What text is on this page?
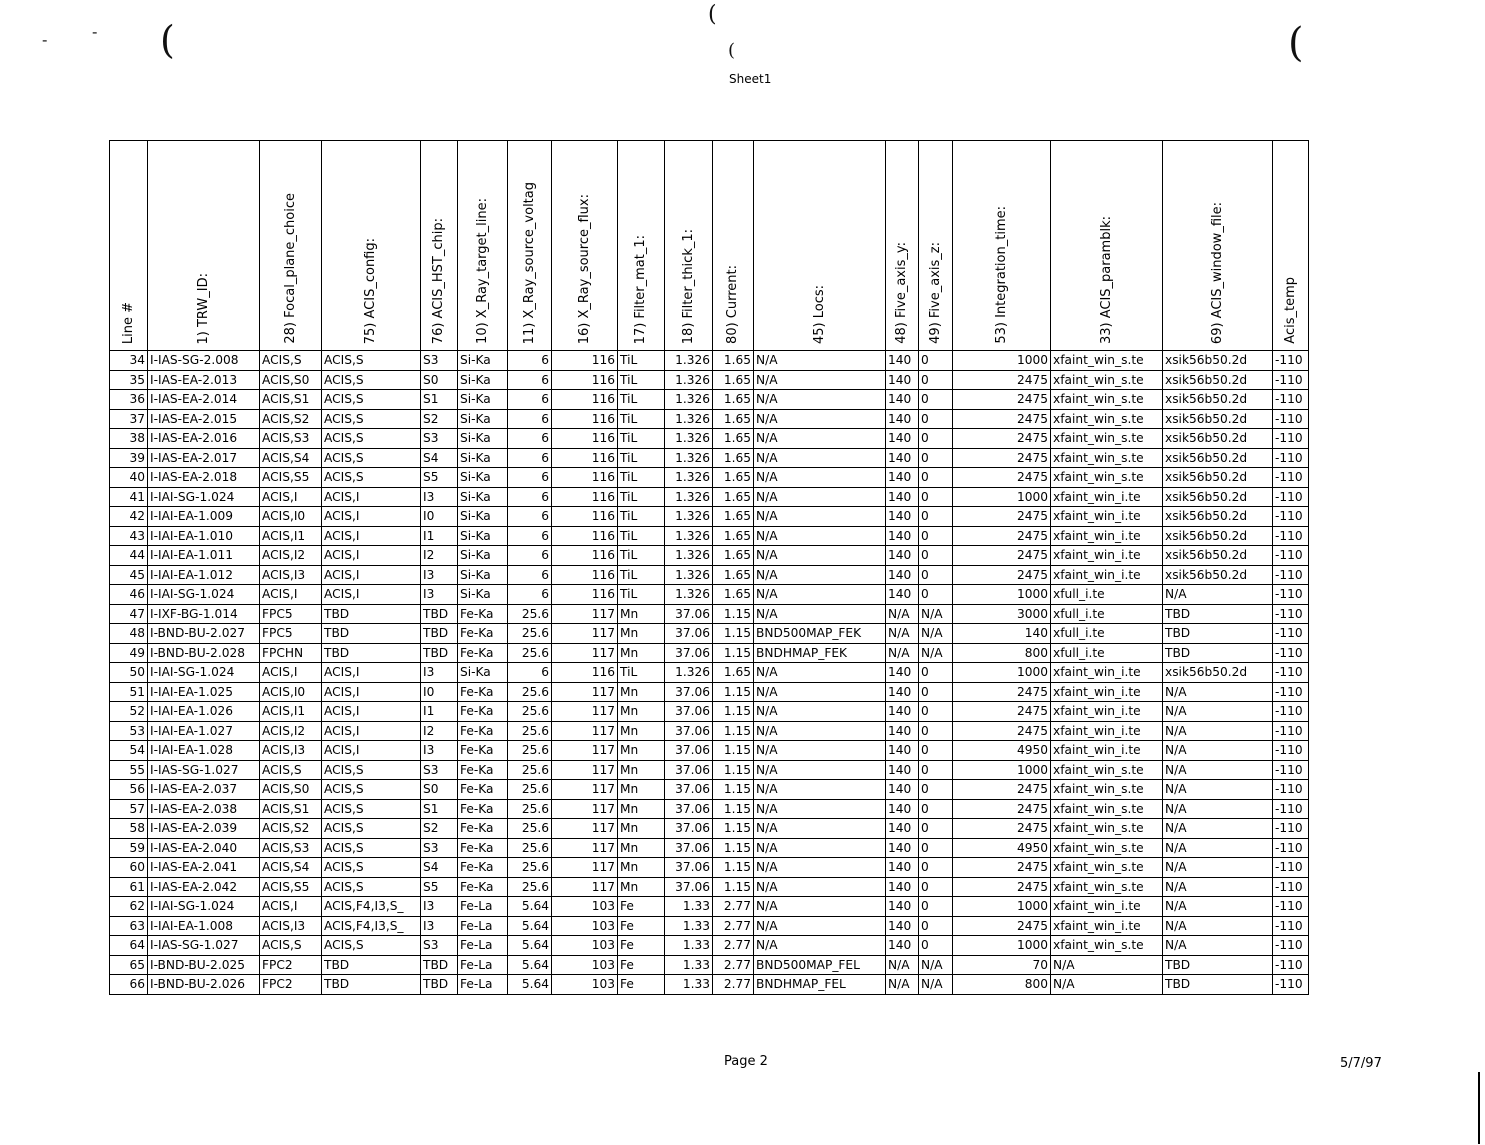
(
(
(	(
-	-
Sheet1
Line #	1) TRW_ID:	28) Focal_plane_choice	75) ACIS_config:	76) ACIS_HST_chip:	10) X_Ray_target_line:	11) X_Ray_source_voltag	16) X_Ray_source_flux:	17) Filter_mat_1:	18) Filter_thick_1:	80) Current:	45) Locs:	48) Five_axis_y:	49) Five_axis_z:	53) Integration_time:	33) ACIS_paramblk:	69) ACIS_window_file:	Acis_temp
34	I-IAS-SG-2.008	ACIS,S	ACIS,S	S3	Si-Ka	6	116	TiL	1.326	1.65	N/A	140	0	1000	xfaint_win_s.te	xsik56b50.2d	-110
35	I-IAS-EA-2.013	ACIS,S0	ACIS,S	S0	Si-Ka	6	116	TiL	1.326	1.65	N/A	140	0	2475	xfaint_win_s.te	xsik56b50.2d	-110
36	I-IAS-EA-2.014	ACIS,S1	ACIS,S	S1	Si-Ka	6	116	TiL	1.326	1.65	N/A	140	0	2475	xfaint_win_s.te	xsik56b50.2d	-110
37	I-IAS-EA-2.015	ACIS,S2	ACIS,S	S2	Si-Ka	6	116	TiL	1.326	1.65	N/A	140	0	2475	xfaint_win_s.te	xsik56b50.2d	-110
38	I-IAS-EA-2.016	ACIS,S3	ACIS,S	S3	Si-Ka	6	116	TiL	1.326	1.65	N/A	140	0	2475	xfaint_win_s.te	xsik56b50.2d	-110
39	I-IAS-EA-2.017	ACIS,S4	ACIS,S	S4	Si-Ka	6	116	TiL	1.326	1.65	N/A	140	0	2475	xfaint_win_s.te	xsik56b50.2d	-110
40	I-IAS-EA-2.018	ACIS,S5	ACIS,S	S5	Si-Ka	6	116	TiL	1.326	1.65	N/A	140	0	2475	xfaint_win_s.te	xsik56b50.2d	-110
41	I-IAI-SG-1.024	ACIS,I	ACIS,I	I3	Si-Ka	6	116	TiL	1.326	1.65	N/A	140	0	1000	xfaint_win_i.te	xsik56b50.2d	-110
42	I-IAI-EA-1.009	ACIS,I0	ACIS,I	I0	Si-Ka	6	116	TiL	1.326	1.65	N/A	140	0	2475	xfaint_win_i.te	xsik56b50.2d	-110
43	I-IAI-EA-1.010	ACIS,I1	ACIS,I	I1	Si-Ka	6	116	TiL	1.326	1.65	N/A	140	0	2475	xfaint_win_i.te	xsik56b50.2d	-110
44	I-IAI-EA-1.011	ACIS,I2	ACIS,I	I2	Si-Ka	6	116	TiL	1.326	1.65	N/A	140	0	2475	xfaint_win_i.te	xsik56b50.2d	-110
45	I-IAI-EA-1.012	ACIS,I3	ACIS,I	I3	Si-Ka	6	116	TiL	1.326	1.65	N/A	140	0	2475	xfaint_win_i.te	xsik56b50.2d	-110
46	I-IAI-SG-1.024	ACIS,I	ACIS,I	I3	Si-Ka	6	116	TiL	1.326	1.65	N/A	140	0	1000	xfull_i.te	N/A	-110
47	I-IXF-BG-1.014	FPC5	TBD	TBD	Fe-Ka	25.6	117	Mn	37.06	1.15	N/A	N/A	N/A	3000	xfull_i.te	TBD	-110
48	I-BND-BU-2.027	FPC5	TBD	TBD	Fe-Ka	25.6	117	Mn	37.06	1.15	BND500MAP_FEK	N/A	N/A	140	xfull_i.te	TBD	-110
49	I-BND-BU-2.028	FPCHN	TBD	TBD	Fe-Ka	25.6	117	Mn	37.06	1.15	BNDHMAP_FEK	N/A	N/A	800	xfull_i.te	TBD	-110
50	I-IAI-SG-1.024	ACIS,I	ACIS,I	I3	Si-Ka	6	116	TiL	1.326	1.65	N/A	140	0	1000	xfaint_win_i.te	xsik56b50.2d	-110
51	I-IAI-EA-1.025	ACIS,I0	ACIS,I	I0	Fe-Ka	25.6	117	Mn	37.06	1.15	N/A	140	0	2475	xfaint_win_i.te	N/A	-110
52	I-IAI-EA-1.026	ACIS,I1	ACIS,I	I1	Fe-Ka	25.6	117	Mn	37.06	1.15	N/A	140	0	2475	xfaint_win_i.te	N/A	-110
53	I-IAI-EA-1.027	ACIS,I2	ACIS,I	I2	Fe-Ka	25.6	117	Mn	37.06	1.15	N/A	140	0	2475	xfaint_win_i.te	N/A	-110
54	I-IAI-EA-1.028	ACIS,I3	ACIS,I	I3	Fe-Ka	25.6	117	Mn	37.06	1.15	N/A	140	0	4950	xfaint_win_i.te	N/A	-110
55	I-IAS-SG-1.027	ACIS,S	ACIS,S	S3	Fe-Ka	25.6	117	Mn	37.06	1.15	N/A	140	0	1000	xfaint_win_s.te	N/A	-110
56	I-IAS-EA-2.037	ACIS,S0	ACIS,S	S0	Fe-Ka	25.6	117	Mn	37.06	1.15	N/A	140	0	2475	xfaint_win_s.te	N/A	-110
57	I-IAS-EA-2.038	ACIS,S1	ACIS,S	S1	Fe-Ka	25.6	117	Mn	37.06	1.15	N/A	140	0	2475	xfaint_win_s.te	N/A	-110
58	I-IAS-EA-2.039	ACIS,S2	ACIS,S	S2	Fe-Ka	25.6	117	Mn	37.06	1.15	N/A	140	0	2475	xfaint_win_s.te	N/A	-110
59	I-IAS-EA-2.040	ACIS,S3	ACIS,S	S3	Fe-Ka	25.6	117	Mn	37.06	1.15	N/A	140	0	4950	xfaint_win_s.te	N/A	-110
60	I-IAS-EA-2.041	ACIS,S4	ACIS,S	S4	Fe-Ka	25.6	117	Mn	37.06	1.15	N/A	140	0	2475	xfaint_win_s.te	N/A	-110
61	I-IAS-EA-2.042	ACIS,S5	ACIS,S	S5	Fe-Ka	25.6	117	Mn	37.06	1.15	N/A	140	0	2475	xfaint_win_s.te	N/A	-110
62	I-IAI-SG-1.024	ACIS,I	ACIS,F4,I3,S_	I3	Fe-La	5.64	103	Fe	1.33	2.77	N/A	140	0	1000	xfaint_win_i.te	N/A	-110
63	I-IAI-EA-1.008	ACIS,I3	ACIS,F4,I3,S_	I3	Fe-La	5.64	103	Fe	1.33	2.77	N/A	140	0	2475	xfaint_win_i.te	N/A	-110
64	I-IAS-SG-1.027	ACIS,S	ACIS,S	S3	Fe-La	5.64	103	Fe	1.33	2.77	N/A	140	0	1000	xfaint_win_s.te	N/A	-110
65	I-BND-BU-2.025	FPC2	TBD	TBD	Fe-La	5.64	103	Fe	1.33	2.77	BND500MAP_FEL	N/A	N/A	70	N/A	TBD	-110
66	I-BND-BU-2.026	FPC2	TBD	TBD	Fe-La	5.64	103	Fe	1.33	2.77	BNDHMAP_FEL	N/A	N/A	800	N/A	TBD	-110
Page 2	5/7/97
